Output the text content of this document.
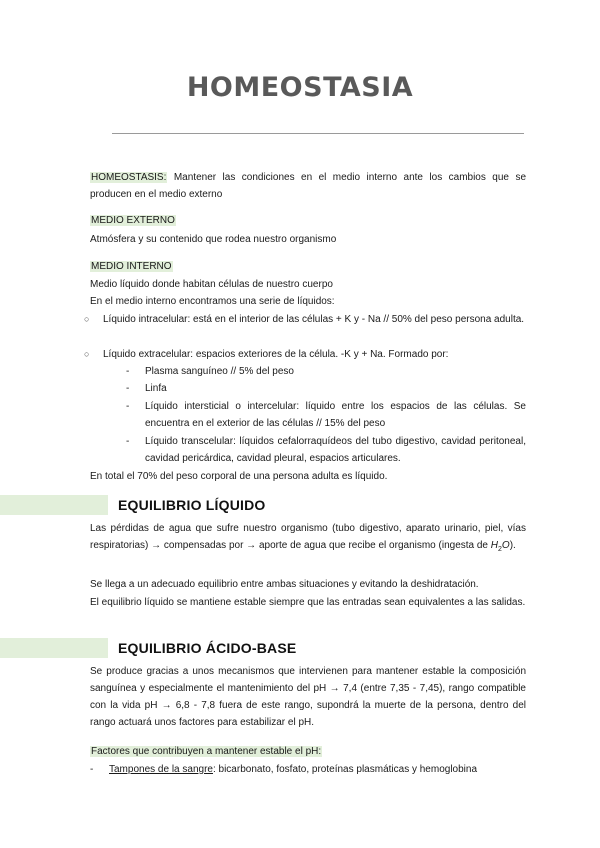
HOMEOSTASIA
HOMEOSTASIS: Mantener las condiciones en el medio interno ante los cambios que se producen en el medio externo
MEDIO EXTERNO
Atmósfera y su contenido que rodea nuestro organismo
MEDIO INTERNO
Medio líquido donde habitan células de nuestro cuerpo
En el medio interno encontramos una serie de líquidos:
○ Líquido intracelular: está en el interior de las células + K y - Na // 50% del peso persona adulta.
○ Líquido extracelular: espacios exteriores de la célula. -K y + Na. Formado por:
- Plasma sanguíneo // 5% del peso
- Linfa
- Líquido intersticial o intercelular: líquido entre los espacios de las células. Se encuentra en el exterior de las células // 15% del peso
- Líquido transcelular: líquidos cefalorraquídeos del tubo digestivo, cavidad peritoneal, cavidad pericárdica, cavidad pleural, espacios articulares.
En total el 70% del peso corporal de una persona adulta es líquido.
EQUILIBRIO LÍQUIDO
Las pérdidas de agua que sufre nuestro organismo (tubo digestivo, aparato urinario, piel, vías respiratorias) → compensadas por → aporte de agua que recibe el organismo (ingesta de $H_2O$).
Se llega a un adecuado equilibrio entre ambas situaciones y evitando la deshidratación.
El equilibrio líquido se mantiene estable siempre que las entradas sean equivalentes a las salidas.
EQUILIBRIO ÁCIDO-BASE
Se produce gracias a unos mecanismos que intervienen para mantener estable la composición sanguínea y especialmente el mantenimiento del pH → 7,4 (entre 7,35 - 7,45), rango compatible con la vida pH → 6,8 - 7,8 fuera de este rango, supondrá la muerte de la persona, dentro del rango actuará unos factores para estabilizar el pH.
Factores que contribuyen a mantener estable el pH:
- Tampones de la sangre: bicarbonato, fosfato, proteínas plasmáticas y hemoglobina
